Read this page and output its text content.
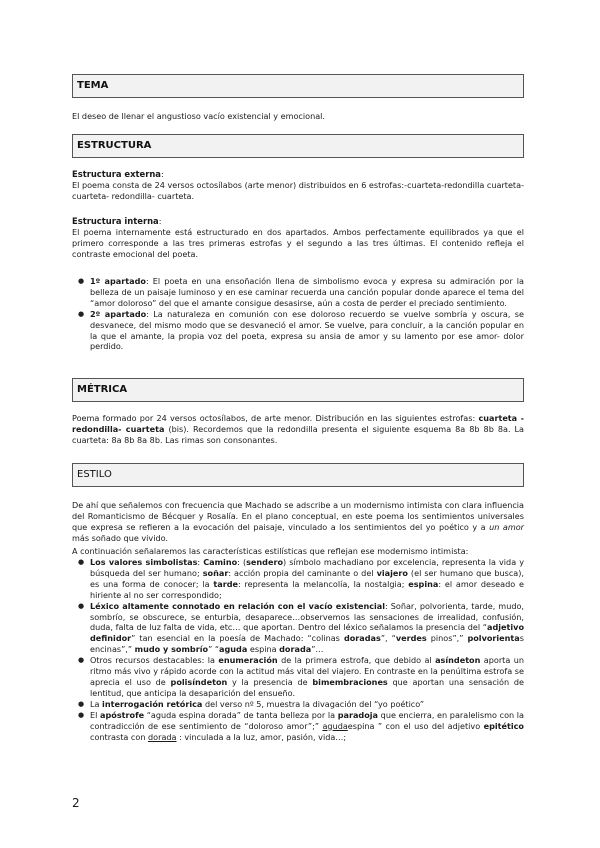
TEMA
El deseo de llenar el angustioso vacío existencial y emocional.
ESTRUCTURA
Estructura externa:
El poema consta de 24 versos octosílabos (arte menor) distribuidos en 6 estrofas:-cuarteta-redondilla cuarteta-cuarteta- redondilla- cuarteta.
Estructura interna:
El poema internamente está estructurado en dos apartados. Ambos perfectamente equilibrados ya que el primero corresponde a las tres primeras estrofas y el segundo a las tres últimas. El contenido refleja el contraste emocional del poeta.
● 1º apartado: El poeta en una ensoñación llena de simbolismo evoca y expresa su admiración por la belleza de un paisaje luminoso y en ese caminar recuerda una canción popular donde aparece el tema del “amor doloroso” del que el amante consigue desasirse, aún a costa de perder el preciado sentimiento.
● 2º apartado: La naturaleza en comunión con ese doloroso recuerdo se vuelve sombría y oscura, se desvanece, del mismo modo que se desvaneció el amor. Se vuelve, para concluir, a la canción popular en la que el amante, la propia voz del poeta, expresa su ansia de amor y su lamento por ese amor- dolor perdido.
MÉTRICA
Poema formado por 24 versos octosílabos, de arte menor. Distribución en las siguientes estrofas: cuarteta -redondilla- cuarteta (bis). Recordemos que la redondilla presenta el siguiente esquema 8a 8b 8b 8a. La cuarteta: 8a 8b 8a 8b. Las rimas son consonantes.
ESTILO
De ahí que señalemos con frecuencia que Machado se adscribe a un modernismo intimista con clara influencia del Romanticismo de Bécquer y Rosalía. En el plano conceptual, en este poema los sentimientos universales que expresa se refieren a la evocación del paisaje, vinculado a los sentimientos del yo poético y a un amor más soñado que vivido.
A continuación señalaremos las características estilísticas que reflejan ese modernismo intimista:
● Los valores simbolistas: Camino: (sendero) símbolo machadiano por excelencia, representa la vida y búsqueda del ser humano; soñar: acción propia del caminante o del viajero (el ser humano que busca), es una forma de conocer; la tarde: representa la melancolía, la nostalgia; espina: el amor deseado e hiriente al no ser correspondido;
● Léxico altamente connotado en relación con el vacío existencial: Soñar, polvorienta, tarde, mudo, sombrío, se obscurece, se enturbia, desaparece…observemos las sensaciones de irrealidad, confusión, duda, falta de luz falta de vida, etc… que aportan. Dentro del léxico señalamos la presencia del “adjetivo definidor” tan esencial en la poesía de Machado: “colinas doradas”, “verdes pinos”,” polvorientas encinas”,” mudo y sombrío” “aguda espina dorada”…
● Otros recursos destacables: la enumeración de la primera estrofa, que debido al asíndeton aporta un ritmo más vivo y rápido acorde con la actitud más vital del viajero. En contraste en la penúltima estrofa se aprecia el uso de polisíndeton y la presencia de bimembraciones que aportan una sensación de lentitud, que anticipa la desaparición del ensueño.
● La interrogación retórica del verso nº 5, muestra la divagación del “yo poético”
● El apóstrofe “aguda espina dorada” de tanta belleza por la paradoja que encierra, en paralelismo con la contradicción de ese sentimiento de “doloroso amor”;” agudaespina ” con el uso del adjetivo epitético contrasta con dorada : vinculada a la luz, amor, pasión, vida…;
2
